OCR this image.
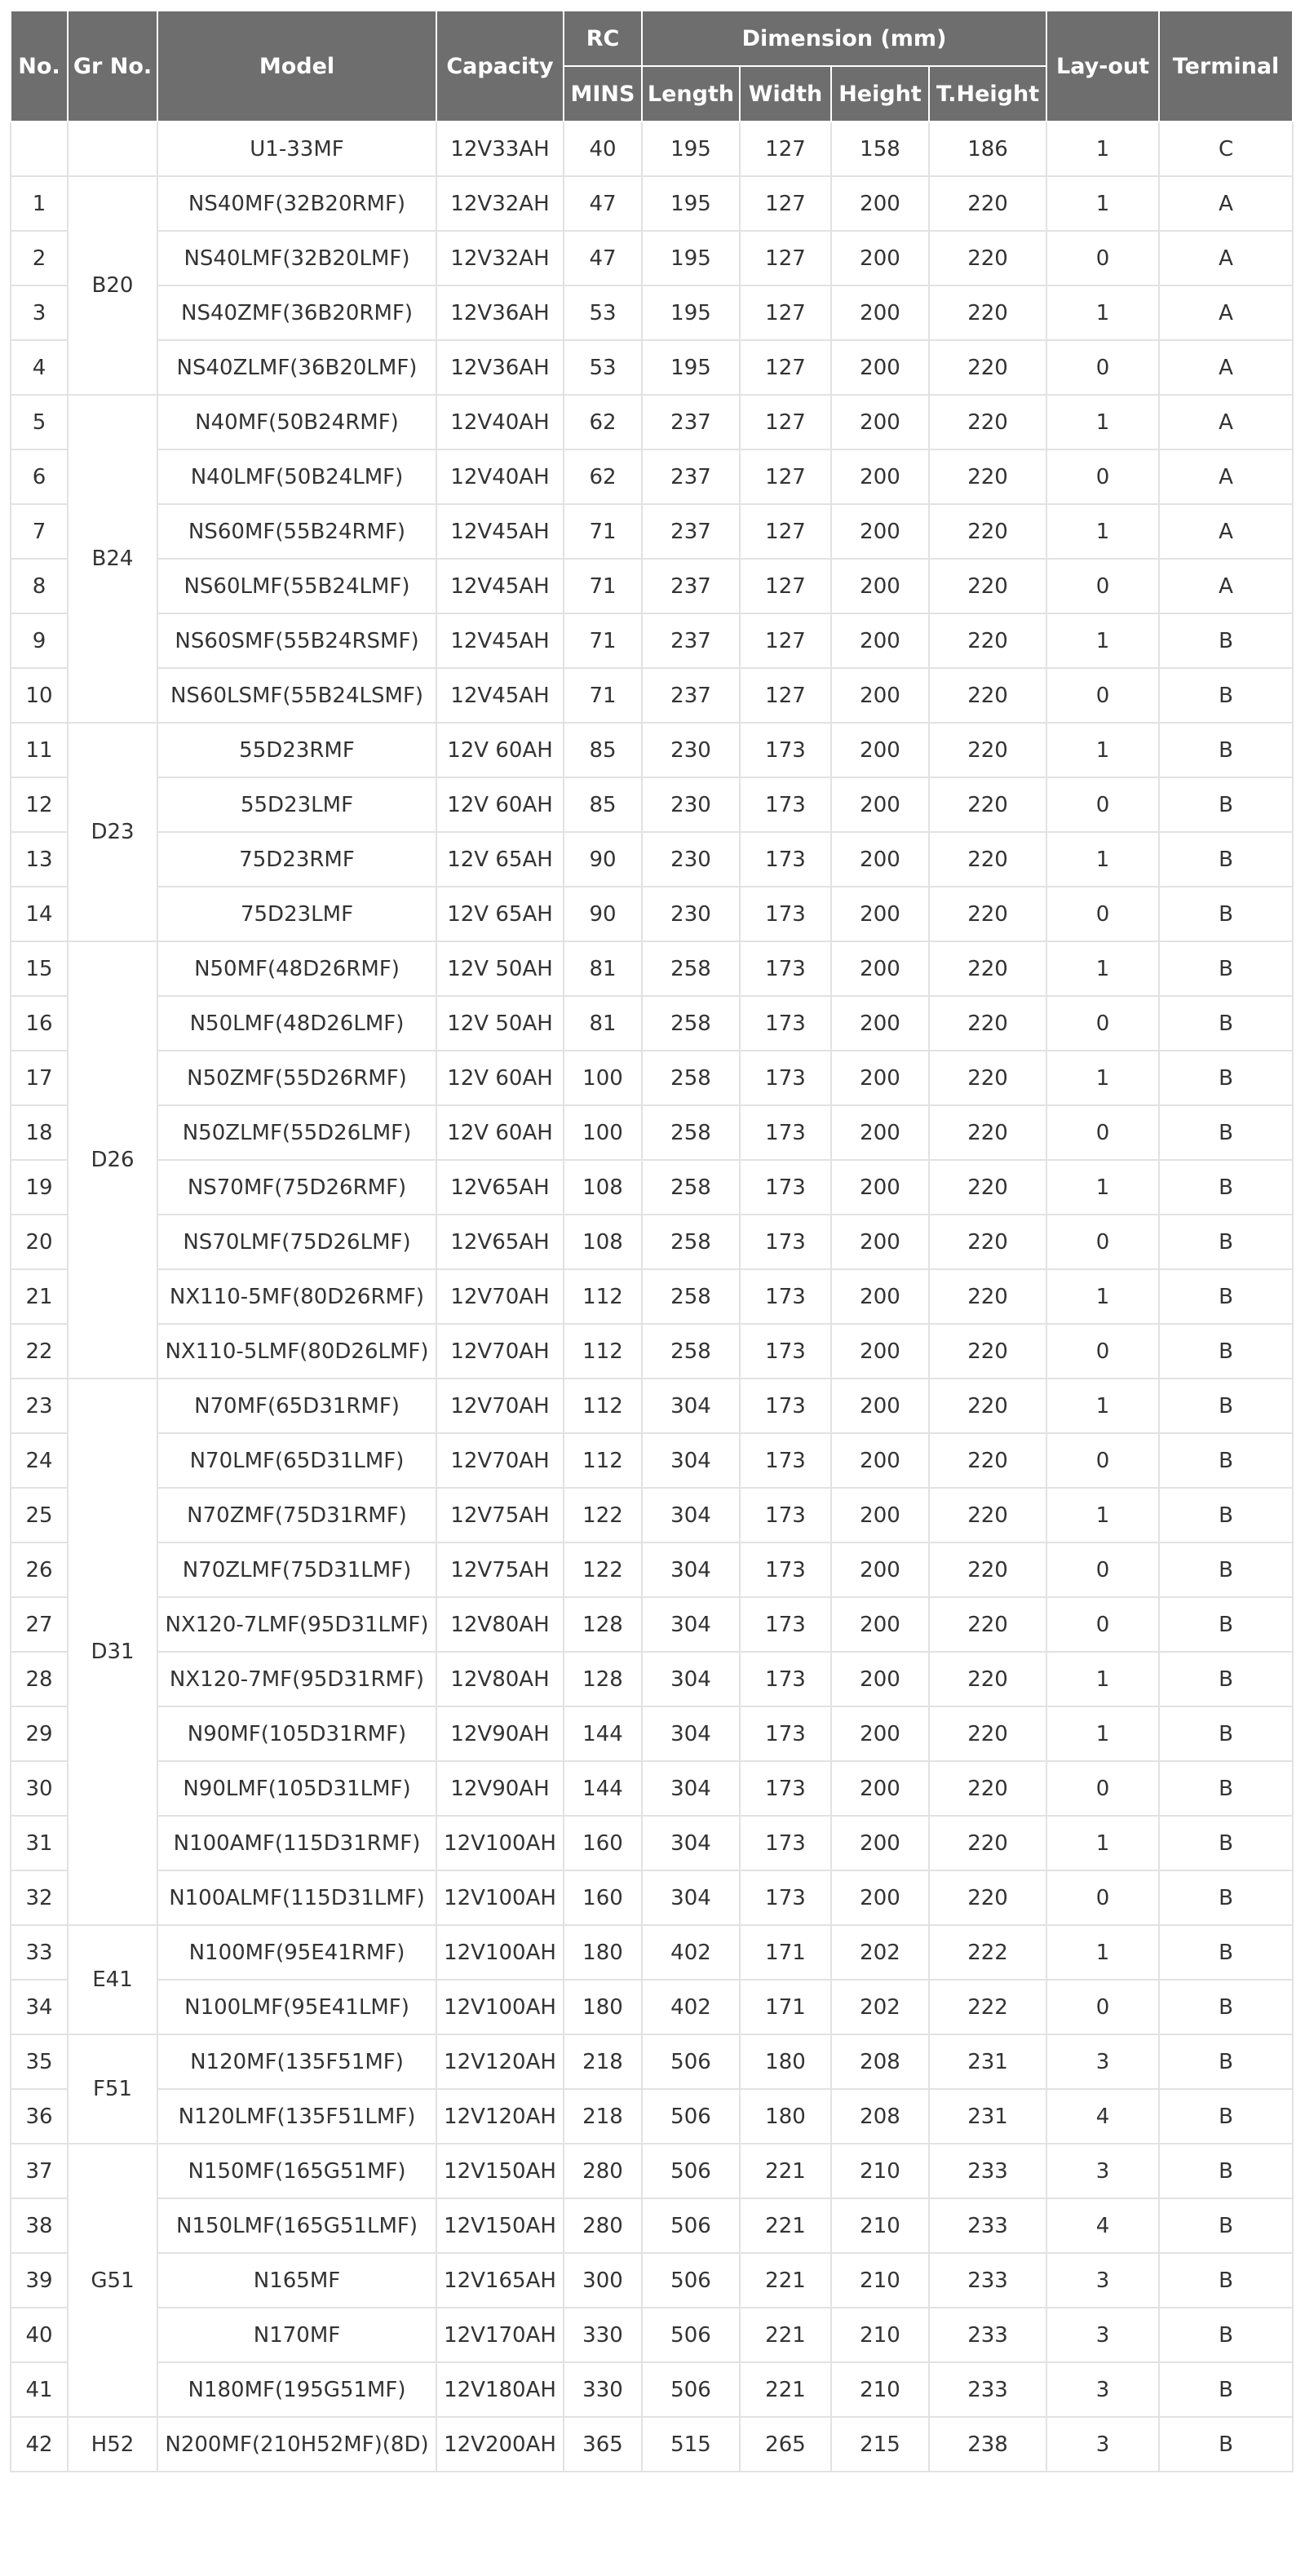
No.	Gr No.	Model	Capacity	RC	Dimension (mm)				Lay-out	Terminal
				MINS	Length	Width	Height	T.Height		
		U1-33MF	12V33AH	40	195	127	158	186	1	C
1	B20	NS40MF(32B20RMF)	12V32AH	47	195	127	200	220	1	A
2		NS40LMF(32B20LMF)	12V32AH	47	195	127	200	220	0	A
3		NS40ZMF(36B20RMF)	12V36AH	53	195	127	200	220	1	A
4		NS40ZLMF(36B20LMF)	12V36AH	53	195	127	200	220	0	A
5	B24	N40MF(50B24RMF)	12V40AH	62	237	127	200	220	1	A
6		N40LMF(50B24LMF)	12V40AH	62	237	127	200	220	0	A
7		NS60MF(55B24RMF)	12V45AH	71	237	127	200	220	1	A
8		NS60LMF(55B24LMF)	12V45AH	71	237	127	200	220	0	A
9		NS60SMF(55B24RSMF)	12V45AH	71	237	127	200	220	1	B
10		NS60LSMF(55B24LSMF)	12V45AH	71	237	127	200	220	0	B
11	D23	55D23RMF	12V 60AH	85	230	173	200	220	1	B
12		55D23LMF	12V 60AH	85	230	173	200	220	0	B
13		75D23RMF	12V 65AH	90	230	173	200	220	1	B
14		75D23LMF	12V 65AH	90	230	173	200	220	0	B
15	D26	N50MF(48D26RMF)	12V 50AH	81	258	173	200	220	1	B
16		N50LMF(48D26LMF)	12V 50AH	81	258	173	200	220	0	B
17		N50ZMF(55D26RMF)	12V 60AH	100	258	173	200	220	1	B
18		N50ZLMF(55D26LMF)	12V 60AH	100	258	173	200	220	0	B
19		NS70MF(75D26RMF)	12V65AH	108	258	173	200	220	1	B
20		NS70LMF(75D26LMF)	12V65AH	108	258	173	200	220	0	B
21		NX110-5MF(80D26RMF)	12V70AH	112	258	173	200	220	1	B
22		NX110-5LMF(80D26LMF)	12V70AH	112	258	173	200	220	0	B
23	D31	N70MF(65D31RMF)	12V70AH	112	304	173	200	220	1	B
24		N70LMF(65D31LMF)	12V70AH	112	304	173	200	220	0	B
25		N70ZMF(75D31RMF)	12V75AH	122	304	173	200	220	1	B
26		N70ZLMF(75D31LMF)	12V75AH	122	304	173	200	220	0	B
27		NX120-7LMF(95D31LMF)	12V80AH	128	304	173	200	220	0	B
28		NX120-7MF(95D31RMF)	12V80AH	128	304	173	200	220	1	B
29		N90MF(105D31RMF)	12V90AH	144	304	173	200	220	1	B
30		N90LMF(105D31LMF)	12V90AH	144	304	173	200	220	0	B
31		N100AMF(115D31RMF)	12V100AH	160	304	173	200	220	1	B
32		N100ALMF(115D31LMF)	12V100AH	160	304	173	200	220	0	B
33	E41	N100MF(95E41RMF)	12V100AH	180	402	171	202	222	1	B
34		N100LMF(95E41LMF)	12V100AH	180	402	171	202	222	0	B
35	F51	N120MF(135F51MF)	12V120AH	218	506	180	208	231	3	B
36		N120LMF(135F51LMF)	12V120AH	218	506	180	208	231	4	B
37	G51	N150MF(165G51MF)	12V150AH	280	506	221	210	233	3	B
38		N150LMF(165G51LMF)	12V150AH	280	506	221	210	233	4	B
39		N165MF	12V165AH	300	506	221	210	233	3	B
40		N170MF	12V170AH	330	506	221	210	233	3	B
41		N180MF(195G51MF)	12V180AH	330	506	221	210	233	3	B
42	H52	N200MF(210H52MF)(8D)	12V200AH	365	515	265	215	238	3	B
